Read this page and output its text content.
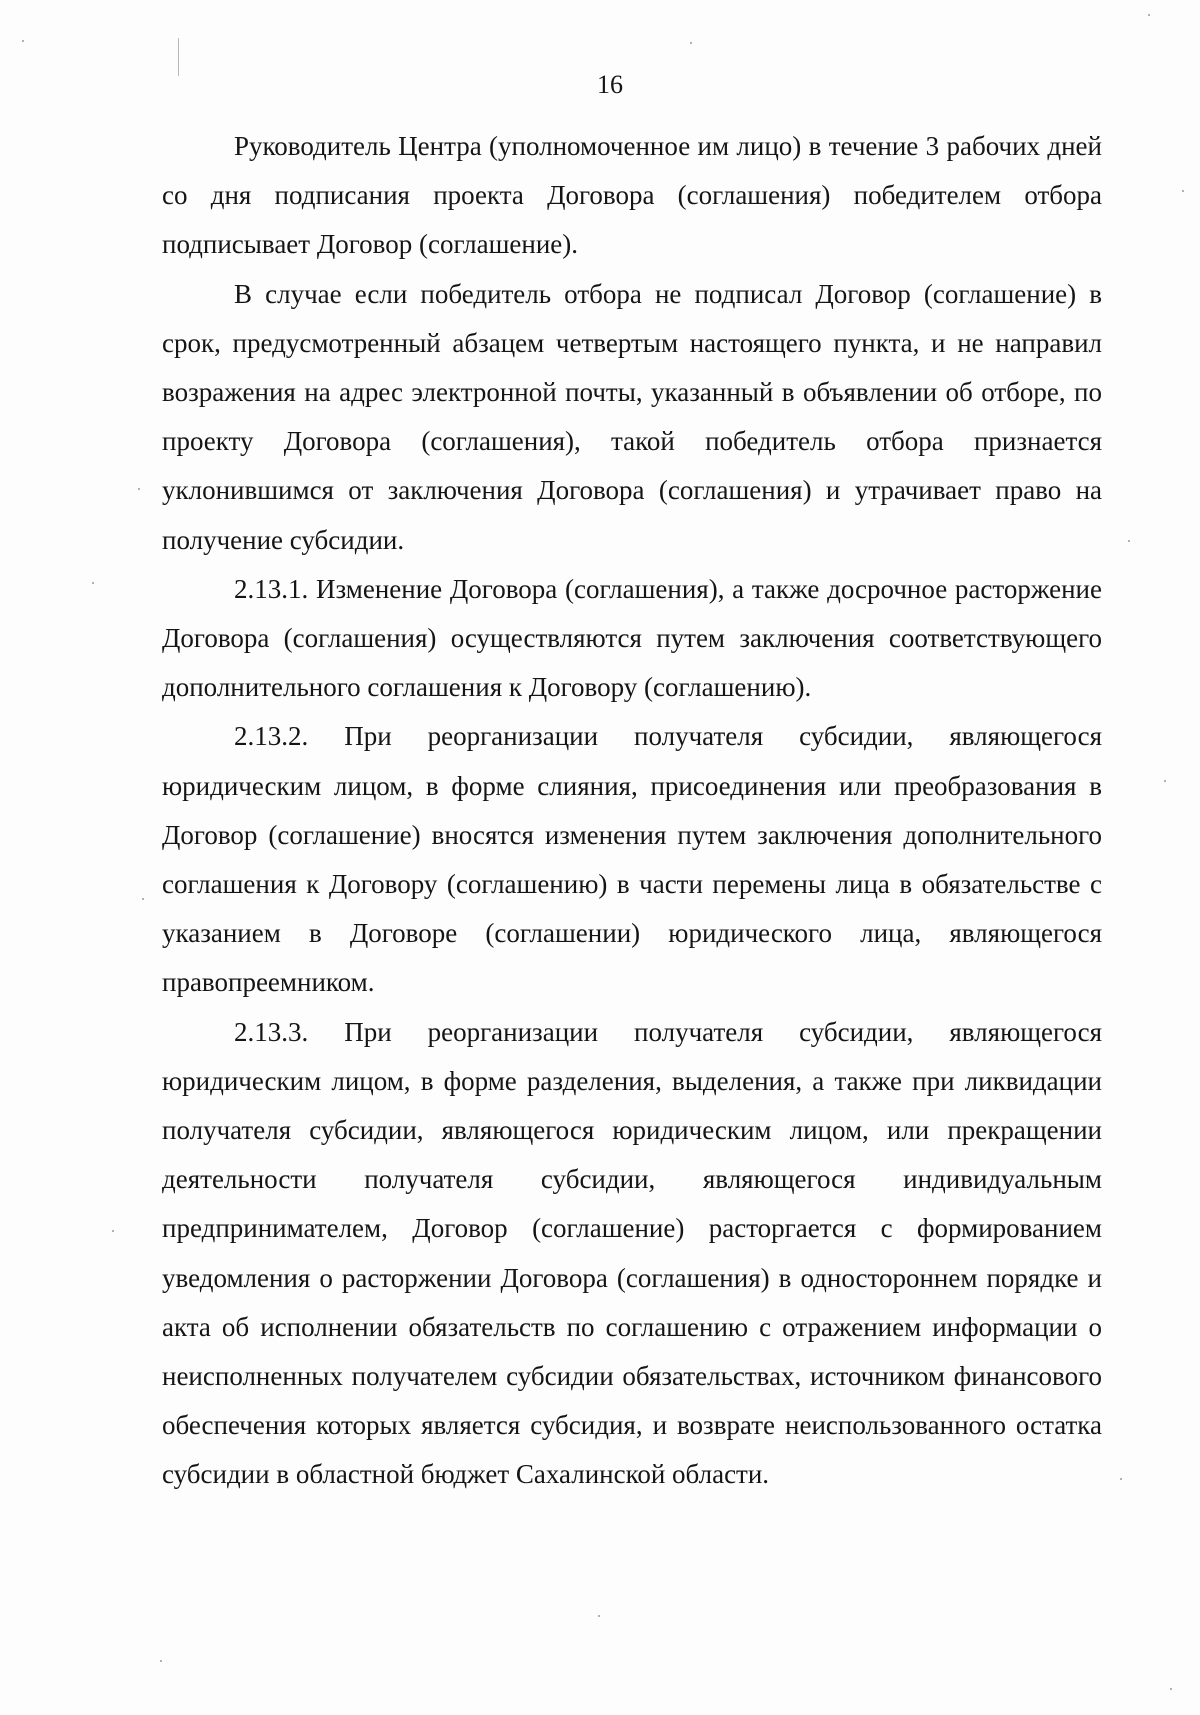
16

Руководитель Центра (уполномоченное им лицо) в течение 3 рабочих дней со дня подписания проекта Договора (соглашения) победителем отбора подписывает Договор (соглашение).

В случае если победитель отбора не подписал Договор (соглашение) в срок, предусмотренный абзацем четвертым настоящего пункта, и не направил возражения на адрес электронной почты, указанный в объявлении об отборе, по проекту Договора (соглашения), такой победитель отбора признается уклонившимся от заключения Договора (соглашения) и утрачивает право на получение субсидии.

2.13.1. Изменение Договора (соглашения), а также досрочное расторжение Договора (соглашения) осуществляются путем заключения соответствующего дополнительного соглашения к Договору (соглашению).

2.13.2. При реорганизации получателя субсидии, являющегося юридическим лицом, в форме слияния, присоединения или преобразования в Договор (соглашение) вносятся изменения путем заключения дополнительного соглашения к Договору (соглашению) в части перемены лица в обязательстве с указанием в Договоре (соглашении) юридического лица, являющегося правопреемником.

2.13.3. При реорганизации получателя субсидии, являющегося юридическим лицом, в форме разделения, выделения, а также при ликвидации получателя субсидии, являющегося юридическим лицом, или прекращении деятельности получателя субсидии, являющегося индивидуальным предпринимателем, Договор (соглашение) расторгается с формированием уведомления о расторжении Договора (соглашения) в одностороннем порядке и акта об исполнении обязательств по соглашению с отражением информации о неисполненных получателем субсидии обязательствах, источником финансового обеспечения которых является субсидия, и возврате неиспользованного остатка субсидии в областной бюджет Сахалинской области.
